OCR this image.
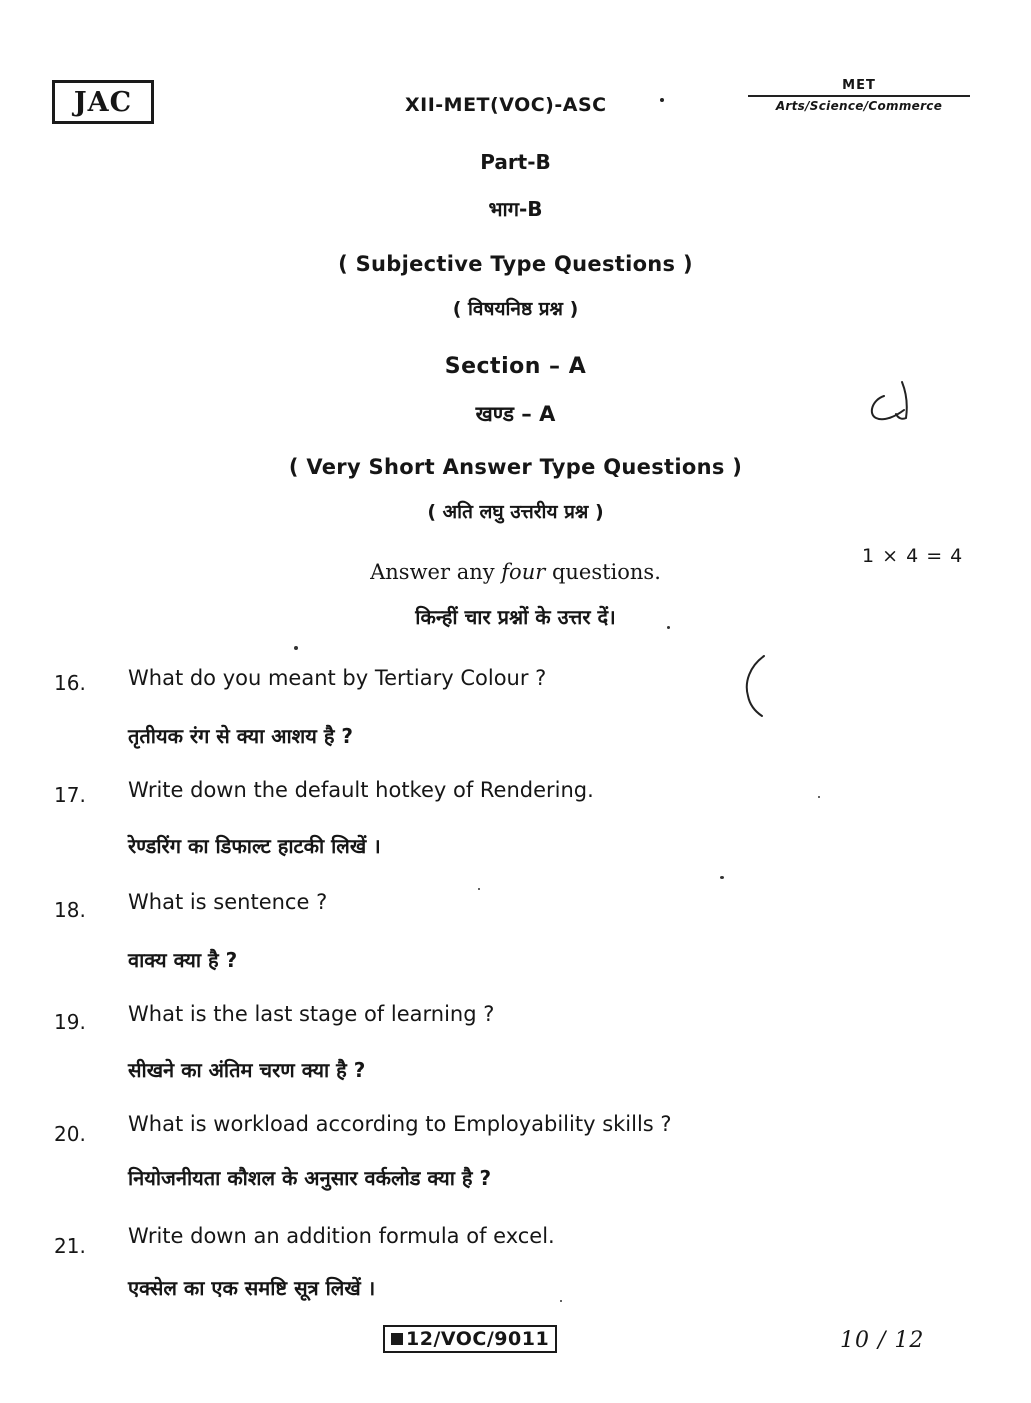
JAC	XII-MET(VOC)-ASC
MET
Arts/Science/Commerce
Part-B
भाग-B
( Subjective Type Questions )
( विषयनिष्ठ प्रश्न )
Section – A
खण्ड – A
( Very Short Answer Type Questions )
( अति लघु उत्तरीय प्रश्न )
1 × 4 = 4
Answer any four questions.
किन्हीं चार प्रश्नों के उत्तर दें।
16.	What do you meant by Tertiary Colour ?
तृतीयक रंग से क्या आशय है ?
17.	Write down the default hotkey of Rendering.
रेण्डरिंग का डिफाल्ट हाटकी लिखें ।
18.	What is sentence ?
वाक्य क्या है ?
19.	What is the last stage of learning ?
सीखने का अंतिम चरण क्या है ?
20.	What is workload according to Employability skills ?
नियोजनीयता कौशल के अनुसार वर्कलोड क्या है ?
21.	Write down an addition formula of excel.
एक्सेल का एक समष्टि सूत्र लिखें ।
12/VOC/9011	10 / 12
